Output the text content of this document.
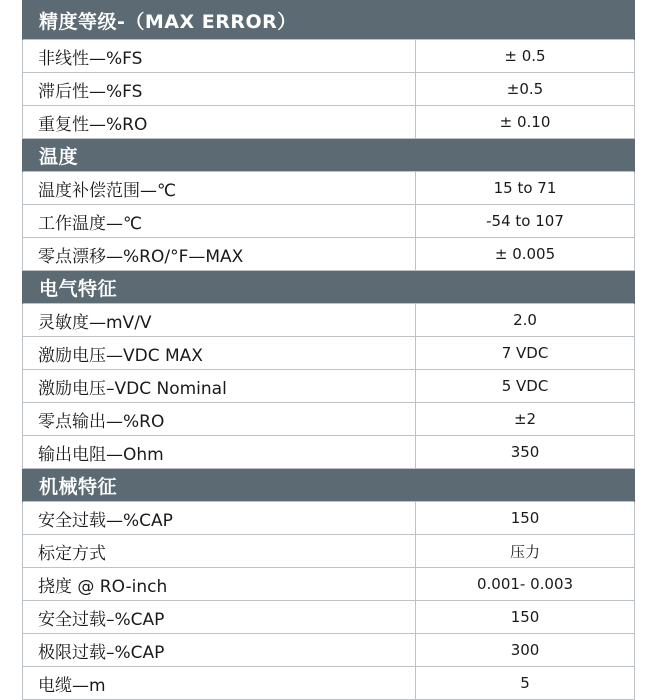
精度等级-（MAX ERROR）	
非线性—%FS	± 0.5
滞后性—%FS	±0.5
重复性—%RO	± 0.10
温度	
温度补偿范围—℃	15 to 71
工作温度—℃	-54 to 107
零点漂移—%RO/°F—MAX	± 0.005
电气特征	
灵敏度—mV/V	2.0
激励电压—VDC MAX	7 VDC
激励电压–VDC Nominal	5 VDC
零点输出—%RO	±2
输出电阻—Ohm	350
机械特征	
安全过载—%CAP	150
标定方式	压力
挠度 @ RO-inch	0.001- 0.003
安全过载–%CAP	150
极限过载–%CAP	300
电缆—m	5
